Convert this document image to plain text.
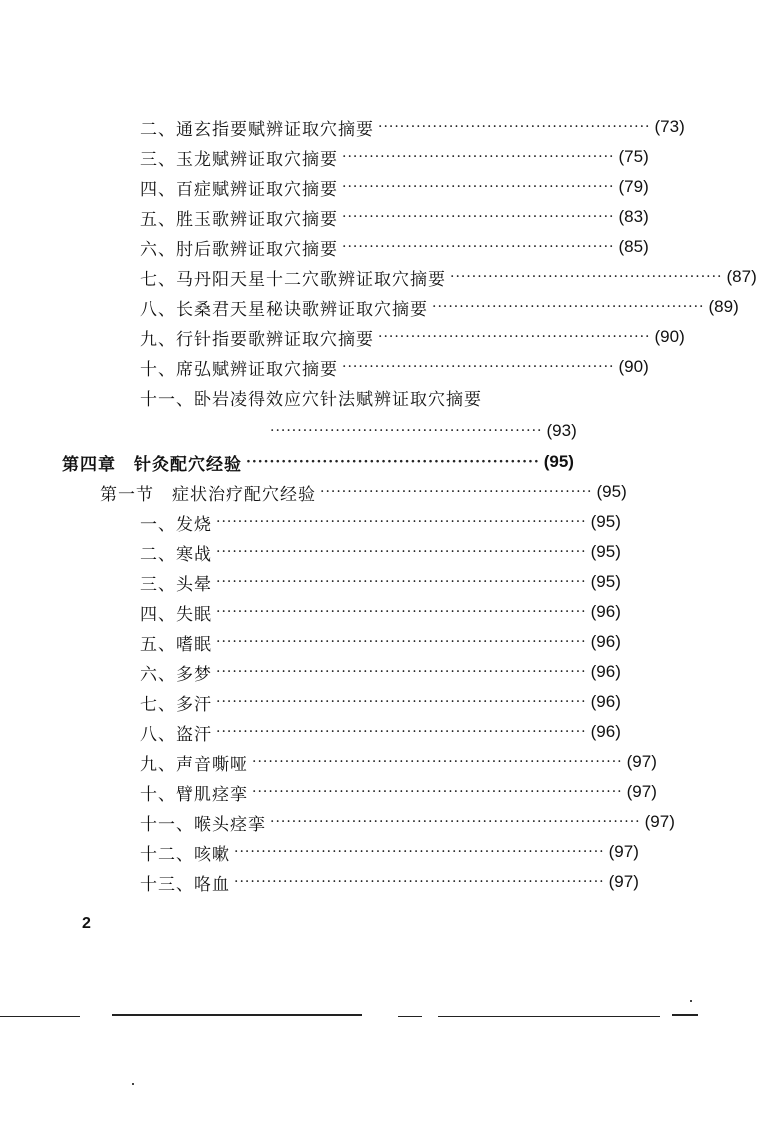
二、通玄指要赋辨证取穴摘要 ·················································· (73)
三、玉龙赋辨证取穴摘要 ·················································· (75)
四、百症赋辨证取穴摘要 ·················································· (79)
五、胜玉歌辨证取穴摘要 ·················································· (83)
六、肘后歌辨证取穴摘要 ·················································· (85)
七、马丹阳天星十二穴歌辨证取穴摘要 ·················································· (87)
八、长桑君天星秘诀歌辨证取穴摘要 ·················································· (89)
九、行针指要歌辨证取穴摘要 ·················································· (90)
十、席弘赋辨证取穴摘要 ·················································· (90)
十一、卧岩凌得效应穴针法赋辨证取穴摘要
·················································· (93)
第四章　针灸配穴经验 ·················································· (95)
第一节　症状治疗配穴经验 ·················································· (95)
一、发烧 ···································································· (95)
二、寒战 ···································································· (95)
三、头晕 ···································································· (95)
四、失眠 ···································································· (96)
五、嗜眠 ···································································· (96)
六、多梦 ···································································· (96)
七、多汗 ···································································· (96)
八、盗汗 ···································································· (96)
九、声音嘶哑 ···································································· (97)
十、臂肌痉挛 ···································································· (97)
十一、喉头痉挛 ···································································· (97)
十二、咳嗽 ···································································· (97)
十三、咯血 ···································································· (97)
2
